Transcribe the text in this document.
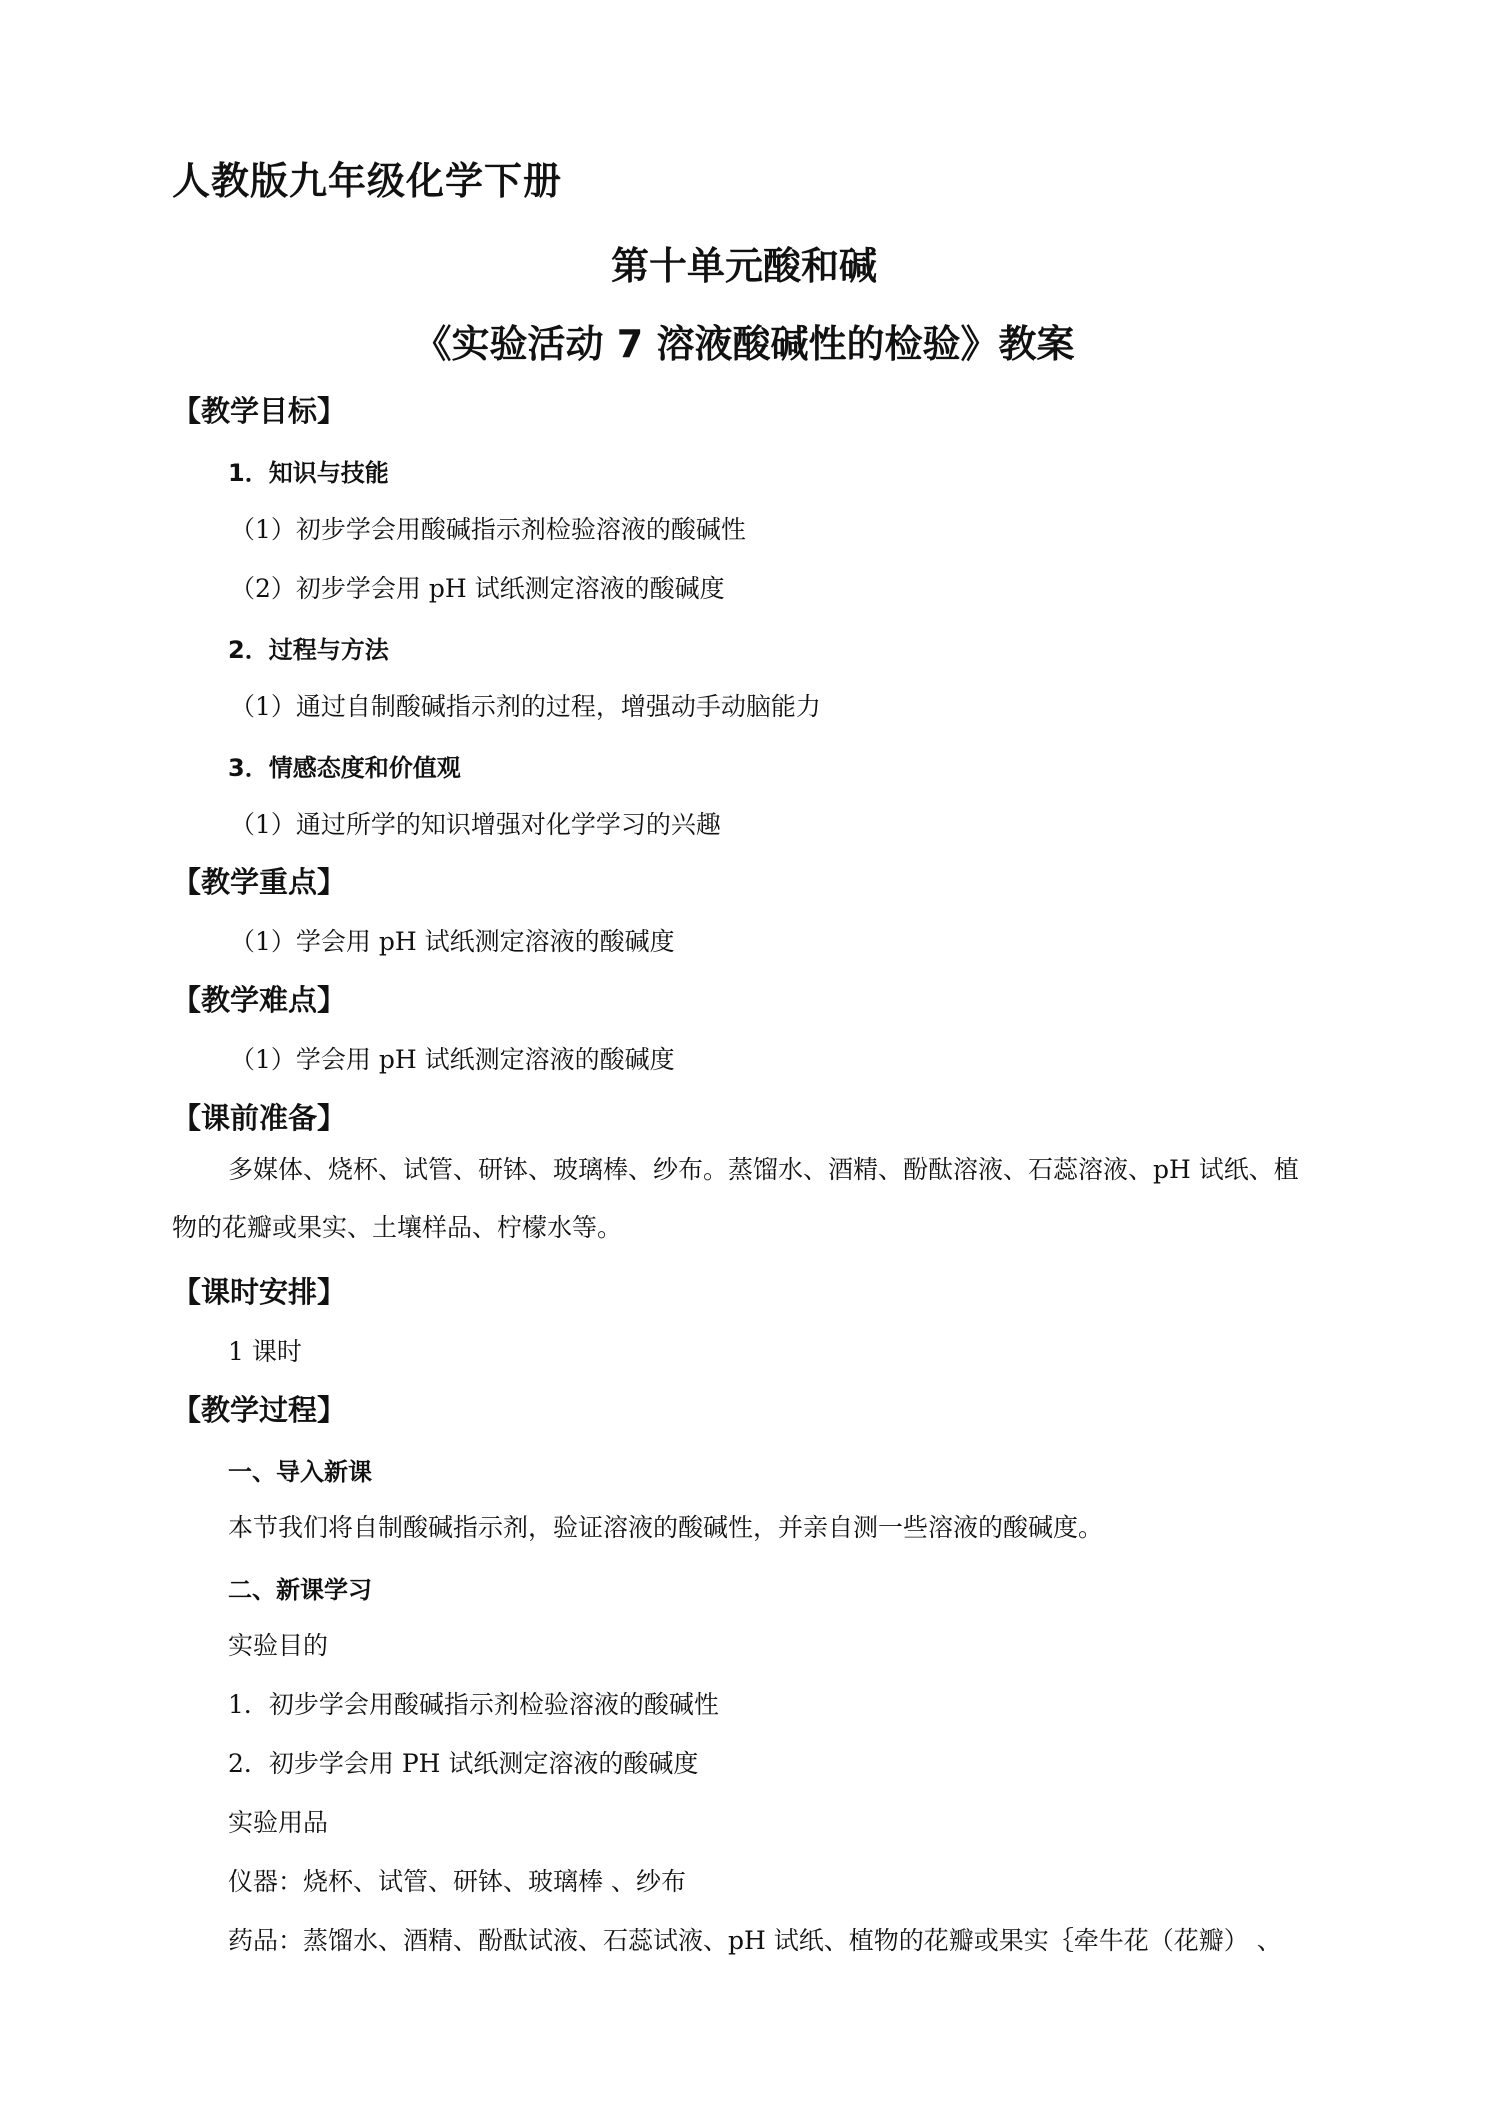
人教版九年级化学下册
第十单元酸和碱
《实验活动 7 溶液酸碱性的检验》教案
【教学目标】
1．知识与技能
（1）初步学会用酸碱指示剂检验溶液的酸碱性
（2）初步学会用 pH 试纸测定溶液的酸碱度
2．过程与方法
（1）通过自制酸碱指示剂的过程，增强动手动脑能力
3．情感态度和价值观
（1）通过所学的知识增强对化学学习的兴趣
【教学重点】
（1）学会用 pH 试纸测定溶液的酸碱度
【教学难点】
（1）学会用 pH 试纸测定溶液的酸碱度
【课前准备】
多媒体、烧杯、试管、研钵、玻璃棒、纱布。蒸馏水、酒精、酚酞溶液、石蕊溶液、pH 试纸、植物的花瓣或果实、土壤样品、柠檬水等。
【课时安排】
1 课时
【教学过程】
一、导入新课
本节我们将自制酸碱指示剂，验证溶液的酸碱性，并亲自测一些溶液的酸碱度。
二、新课学习
实验目的
1．初步学会用酸碱指示剂检验溶液的酸碱性
2．初步学会用 PH 试纸测定溶液的酸碱度
实验用品
仪器：烧杯、试管、研钵、玻璃棒 、纱布
药品：蒸馏水、酒精、酚酞试液、石蕊试液、pH 试纸、植物的花瓣或果实｛牵牛花（花瓣） 、
